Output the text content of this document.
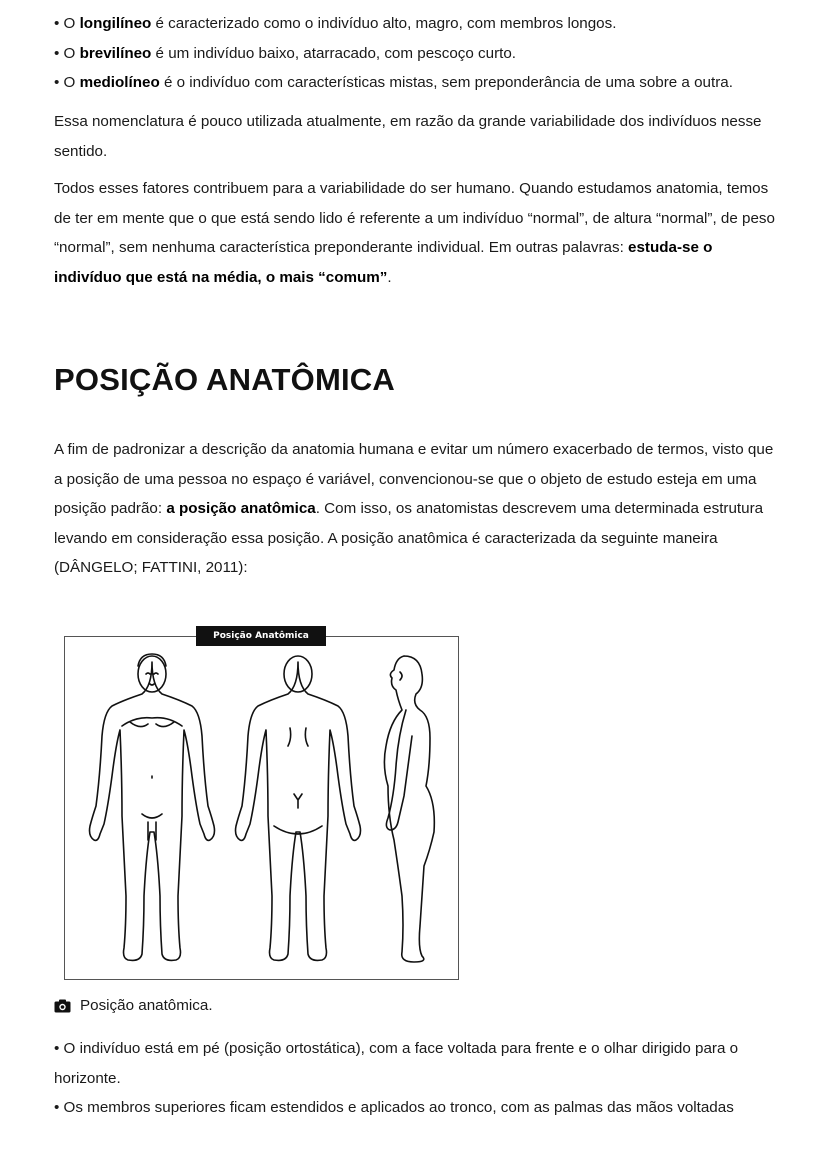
• O longilíneo é caracterizado como o indivíduo alto, magro, com membros longos.

• O brevilíneo é um indivíduo baixo, atarracado, com pescoço curto.

• O mediolíneo é o indivíduo com características mistas, sem preponderância de uma sobre a outra.

Essa nomenclatura é pouco utilizada atualmente, em razão da grande variabilidade dos indivíduos nesse sentido.

Todos esses fatores contribuem para a variabilidade do ser humano. Quando estudamos anatomia, temos de ter em mente que o que está sendo lido é referente a um indivíduo “normal”, de altura “normal”, de peso “normal”, sem nenhuma característica preponderante individual. Em outras palavras: estuda-se o indivíduo que está na média, o mais “comum”.

POSIÇÃO ANATÔMICA

A fim de padronizar a descrição da anatomia humana e evitar um número exacerbado de termos, visto que a posição de uma pessoa no espaço é variável, convencionou-se que o objeto de estudo esteja em uma posição padrão: a posição anatômica. Com isso, os anatomistas descrevem uma determinada estrutura levando em consideração essa posição. A posição anatômica é caracterizada da seguinte maneira (DÂNGELO; FATTINI, 2011):

Posição Anatômica
Posição anatômica.

• O indivíduo está em pé (posição ortostática), com a face voltada para frente e o olhar dirigido para o horizonte.

• Os membros superiores ficam estendidos e aplicados ao tronco, com as palmas das mãos voltadas
